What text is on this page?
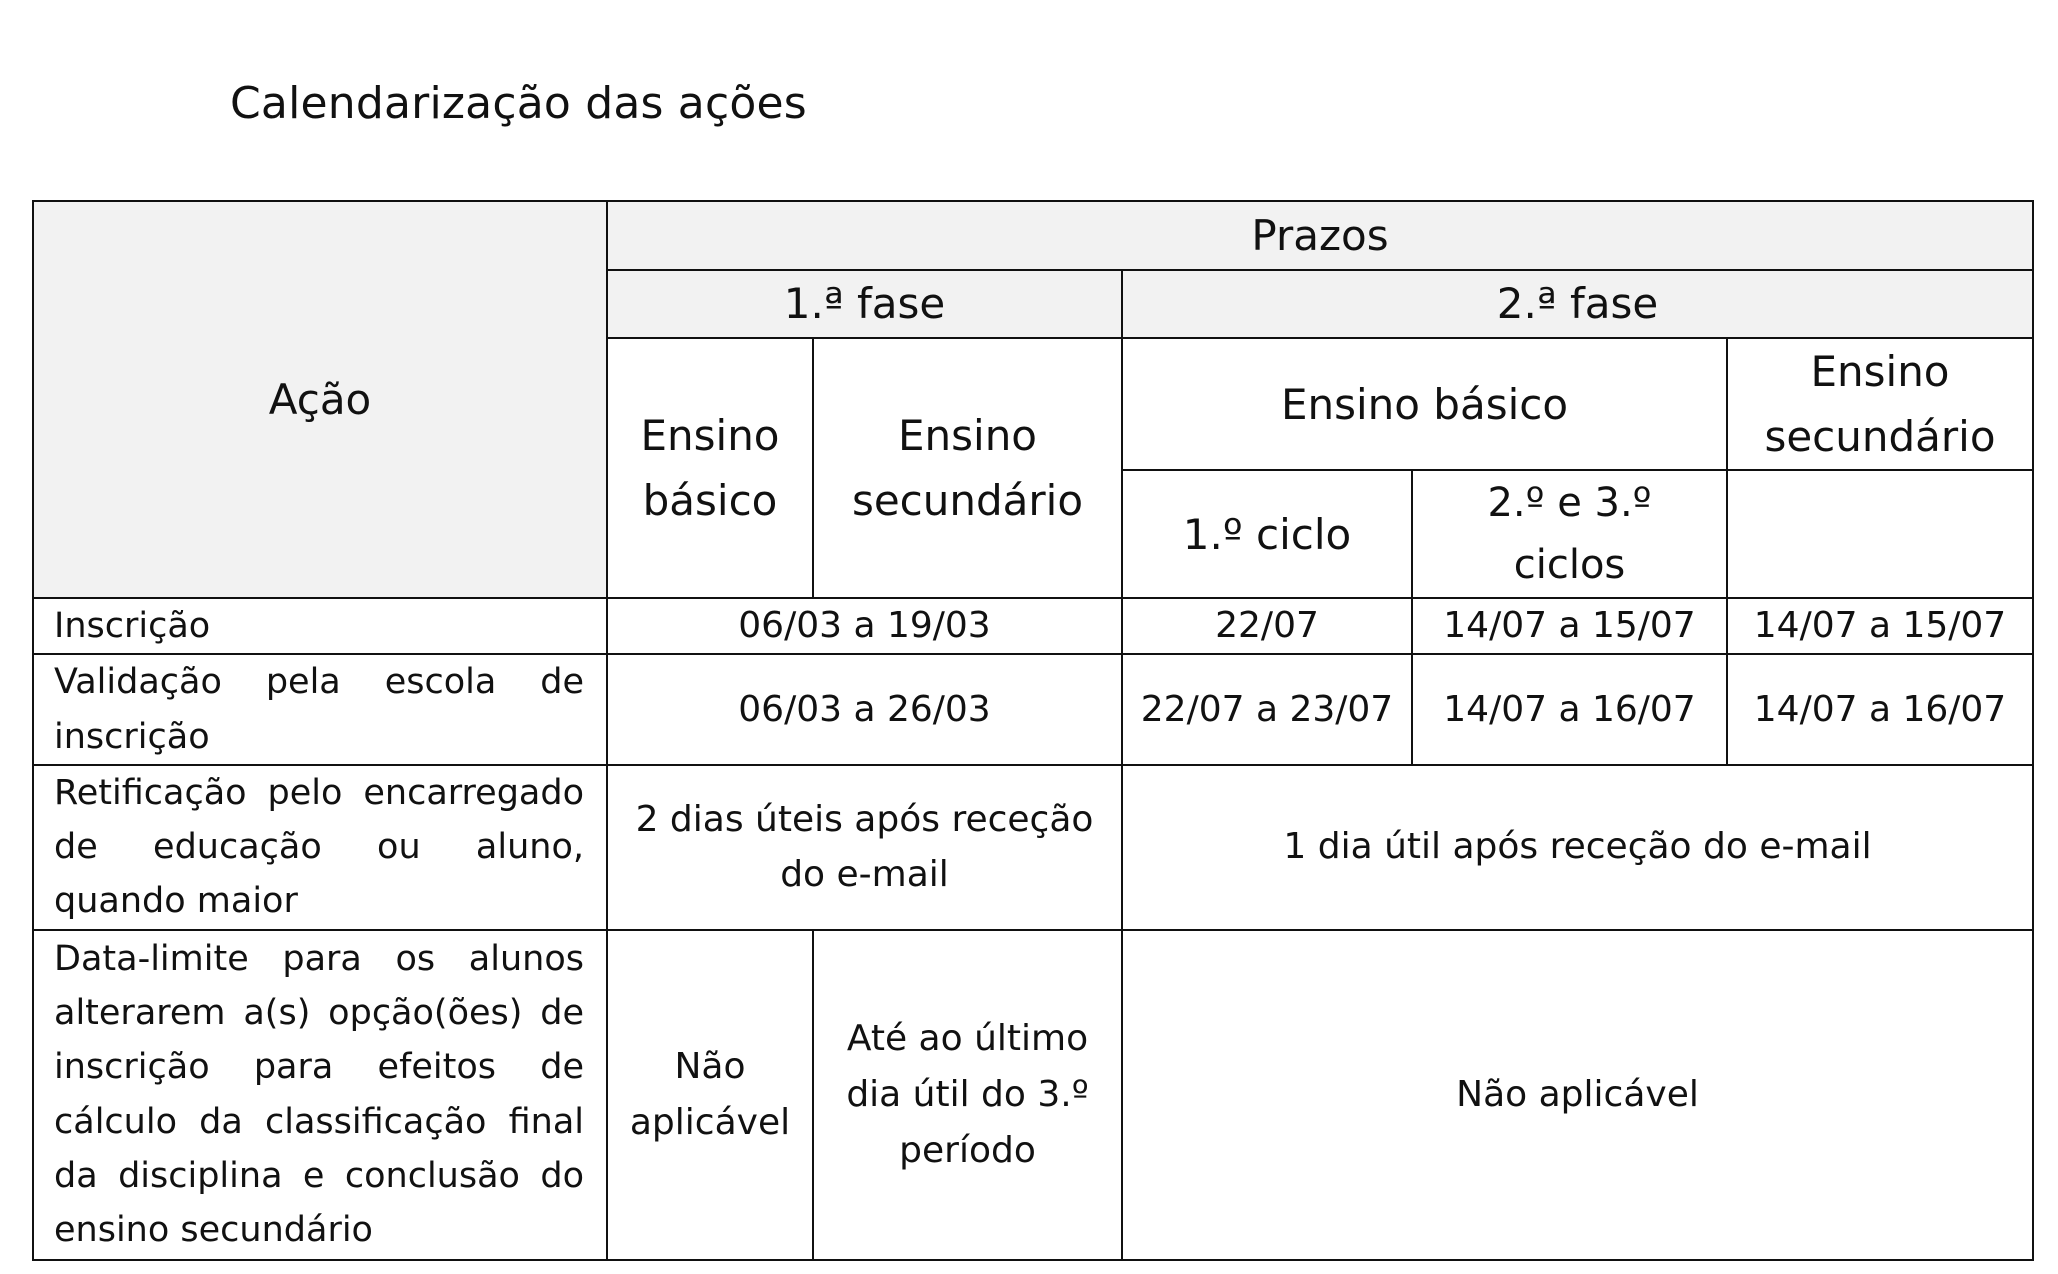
Calendarização das ações
Ação	Prazos				
	1.ª fase		2.ª fase		
	Ensino básico	Ensino secundário	Ensino básico		Ensino secundário
			1.º ciclo	2.º e 3.º ciclos	
Inscrição	06/03 a 19/03		22/07	14/07 a 15/07	14/07 a 15/07
Validação pela escola de inscrição	06/03 a 26/03		22/07 a 23/07	14/07 a 16/07	14/07 a 16/07
Retificação pelo encarregado de educação ou aluno, quando maior	2 dias úteis após receção do e-mail		1 dia útil após receção do e-mail		
Data-limite para os alunos alterarem a(s) opção(ões) de inscrição para efeitos de cálculo da classificação final da disciplina e conclusão do ensino secundário	Não aplicável	Até ao último dia útil do 3.º período	Não aplicável		
